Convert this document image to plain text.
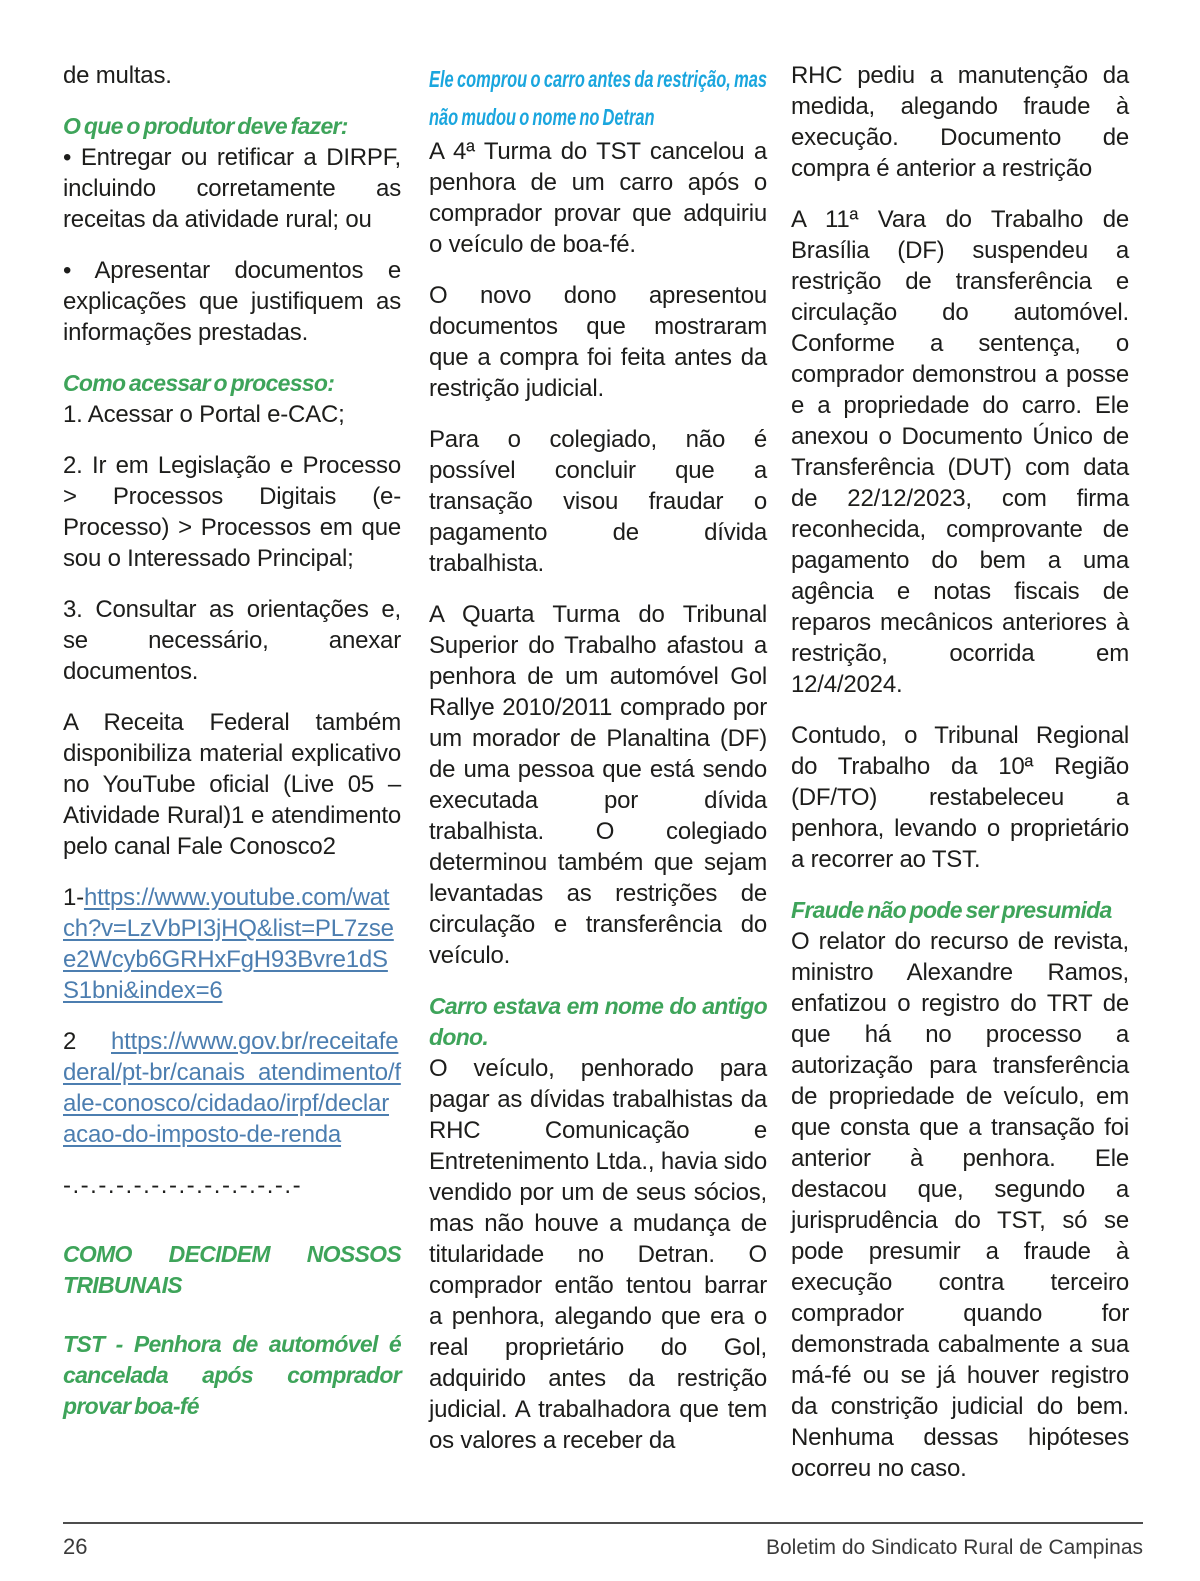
de multas.

O que o produtor deve fazer:

• Entregar ou retificar a DIRPF, incluindo corretamente as receitas da atividade rural; ou

• Apresentar documentos e explicações que justifiquem as informações prestadas.

Como acessar o processo:

1. Acessar o Portal e-CAC;

2. Ir em Legislação e Processo > Processos Digitais (e-Processo) > Processos em que sou o Interessado Principal;

3. Consultar as orientações e, se necessário, anexar documentos.

A Receita Federal também disponibiliza material explicativo no YouTube oficial (Live 05 – Atividade Rural)1 e atendimento pelo canal Fale Conosco2

1-https://www.youtube.com/watch?v=LzVbPI3jHQ&list=PL7zsee2Wcyb6GRHxFgH93Bvre1dSS1bni&index=6

2 https://www.gov.br/receitafederal/pt-br/canais_atendimento/fale-conosco/cidadao/irpf/declaracao-do-imposto-de-renda

-.-.-.-.-.-.-.-.-.-.-.-.-.-
COMO DECIDEM NOSSOS TRIBUNAIS
TST - Penhora de automóvel é cancelada após comprador provar boa-fé
Ele comprou o carro antes da restrição, mas não mudou o nome no Detran

A 4ª Turma do TST cancelou a penhora de um carro após o comprador provar que adquiriu o veículo de boa-fé.

O novo dono apresentou documentos que mostraram que a compra foi feita antes da restrição judicial.

Para o colegiado, não é possível concluir que a transação visou fraudar o pagamento de dívida trabalhista.

A Quarta Turma do Tribunal Superior do Trabalho afastou a penhora de um automóvel Gol Rallye 2010/2011 comprado por um morador de Planaltina (DF) de uma pessoa que está sendo executada por dívida trabalhista. O colegiado determinou também que sejam levantadas as restrições de circulação e transferência do veículo.

Carro estava em nome do antigo dono.

O veículo, penhorado para pagar as dívidas trabalhistas da RHC Comunicação e Entretenimento Ltda., havia sido vendido por um de seus sócios, mas não houve a mudança de titularidade no Detran. O comprador então tentou barrar a penhora, alegando que era o real proprietário do Gol, adquirido antes da restrição judicial. A trabalhadora que tem os valores a receber da

RHC pediu a manutenção da medida, alegando fraude à execução. Documento de compra é anterior a restrição

A 11ª Vara do Trabalho de Brasília (DF) suspendeu a restrição de transferência e circulação do automóvel. Conforme a sentença, o comprador demonstrou a posse e a propriedade do carro. Ele anexou o Documento Único de Transferência (DUT) com data de 22/12/2023, com firma reconhecida, comprovante de pagamento do bem a uma agência e notas fiscais de reparos mecânicos anteriores à restrição, ocorrida em 12/4/2024.

Contudo, o Tribunal Regional do Trabalho da 10ª Região (DF/TO) restabeleceu a penhora, levando o proprietário a recorrer ao TST.

Fraude não pode ser presumida

O relator do recurso de revista, ministro Alexandre Ramos, enfatizou o registro do TRT de que há no processo a autorização para transferência de propriedade de veículo, em que consta que a transação foi anterior à penhora. Ele destacou que, segundo a jurisprudência do TST, só se pode presumir a fraude à execução contra terceiro comprador quando for demonstrada cabalmente a sua má-fé ou se já houver registro da constrição judicial do bem. Nenhuma dessas hipóteses ocorreu no caso.

26	Boletim do Sindicato Rural de Campinas
